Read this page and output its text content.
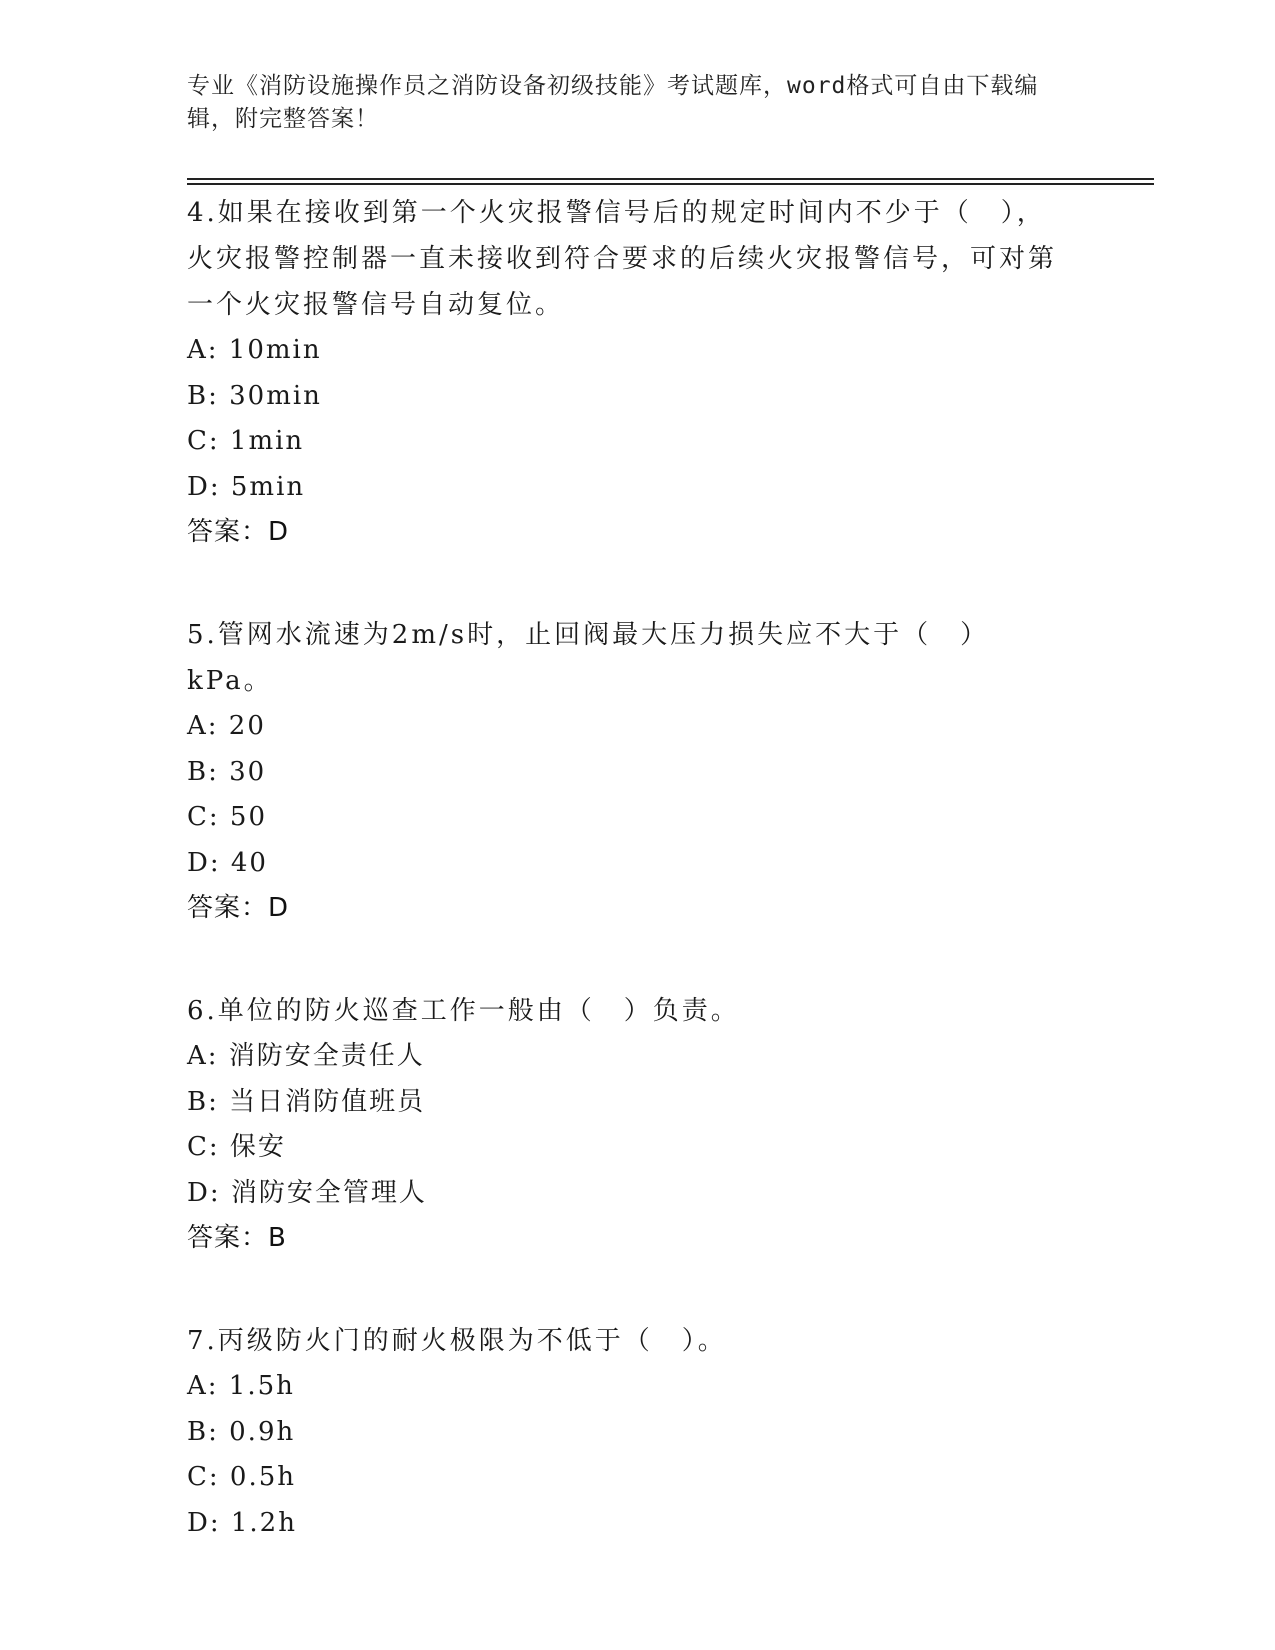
专业《消防设施操作员之消防设备初级技能》考试题库，word格式可自由下载编辑，附完整答案！

4.如果在接收到第一个火灾报警信号后的规定时间内不少于（　），火灾报警控制器一直未接收到符合要求的后续火灾报警信号，可对第一个火灾报警信号自动复位。

A: 10min

B: 30min

C: 1min

D: 5min

答案：D

5.管网水流速为2m/s时，止回阀最大压力损失应不大于（　）kPa。

A: 20

B: 30

C: 50

D: 40

答案：D

6.单位的防火巡查工作一般由（　）负责。

A: 消防安全责任人

B: 当日消防值班员

C: 保安

D: 消防安全管理人

答案：B

7.丙级防火门的耐火极限为不低于（　）。

A: 1.5h

B: 0.9h

C: 0.5h

D: 1.2h
